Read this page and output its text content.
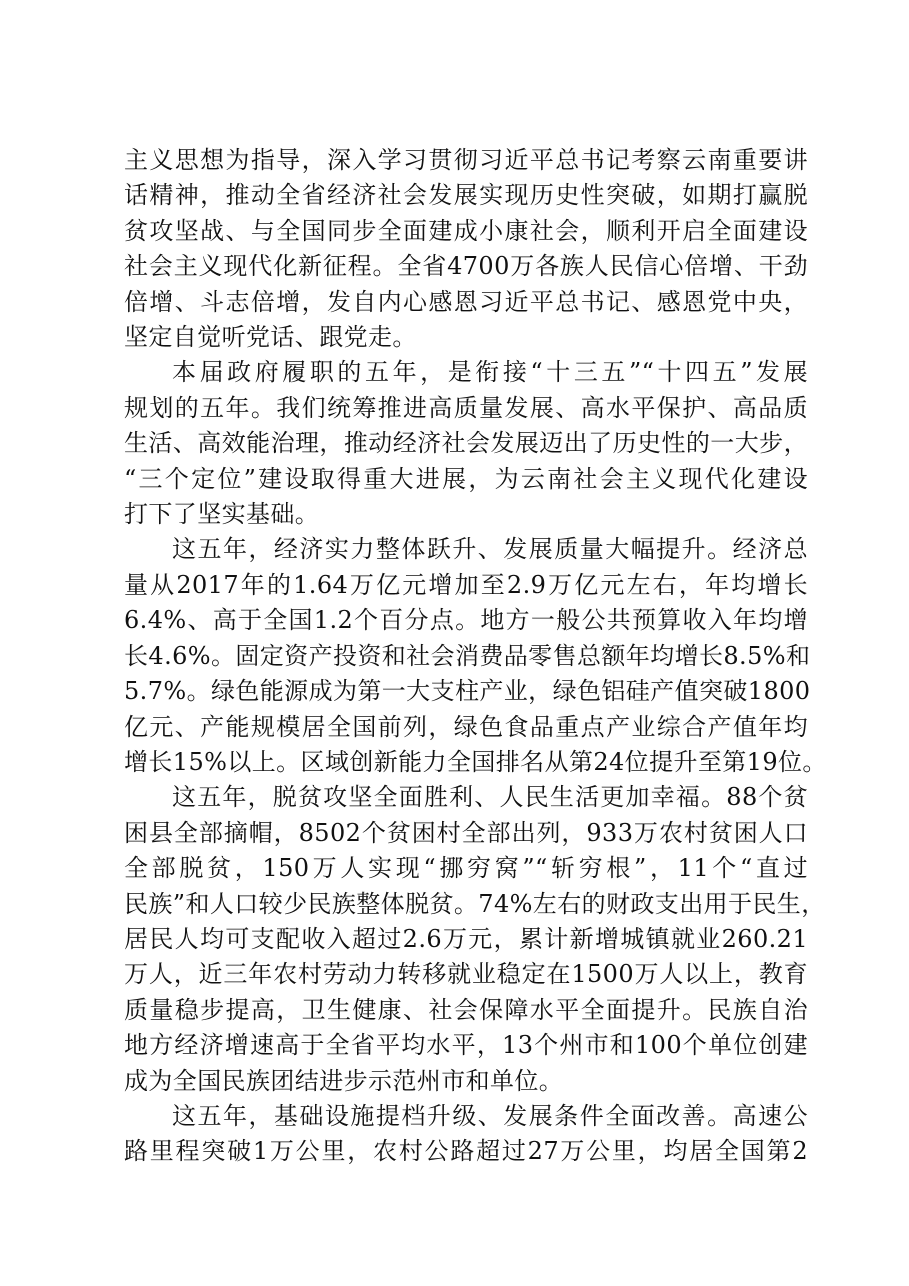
主义思想为指导，深入学习贯彻习近平总书记考察云南重要讲
话精神，推动全省经济社会发展实现历史性突破，如期打赢脱
贫攻坚战、与全国同步全面建成小康社会，顺利开启全面建设
社会主义现代化新征程。全省4700万各族人民信心倍增、干劲
倍增、斗志倍增，发自内心感恩习近平总书记、感恩党中央，
坚定自觉听党话、跟党走。
本届政府履职的五年，是衔接“十三五”“十四五”发展
规划的五年。我们统筹推进高质量发展、高水平保护、高品质
生活、高效能治理，推动经济社会发展迈出了历史性的一大步，
“三个定位”建设取得重大进展，为云南社会主义现代化建设
打下了坚实基础。
这五年，经济实力整体跃升、发展质量大幅提升。经济总
量从2017年的1.64万亿元增加至2.9万亿元左右，年均增长
6.4%、高于全国1.2个百分点。地方一般公共预算收入年均增
长4.6%。固定资产投资和社会消费品零售总额年均增长8.5%和
5.7%。绿色能源成为第一大支柱产业，绿色铝硅产值突破1800
亿元、产能规模居全国前列，绿色食品重点产业综合产值年均
增长15%以上。区域创新能力全国排名从第24位提升至第19位。
这五年，脱贫攻坚全面胜利、人民生活更加幸福。88个贫
困县全部摘帽，8502个贫困村全部出列，933万农村贫困人口
全部脱贫，150万人实现“挪穷窝”“斩穷根”，11个“直过
民族”和人口较少民族整体脱贫。74%左右的财政支出用于民生，
居民人均可支配收入超过2.6万元，累计新增城镇就业260.21
万人，近三年农村劳动力转移就业稳定在1500万人以上，教育
质量稳步提高，卫生健康、社会保障水平全面提升。民族自治
地方经济增速高于全省平均水平，13个州市和100个单位创建
成为全国民族团结进步示范州市和单位。
这五年，基础设施提档升级、发展条件全面改善。高速公
路里程突破1万公里，农村公路超过27万公里，均居全国第2
